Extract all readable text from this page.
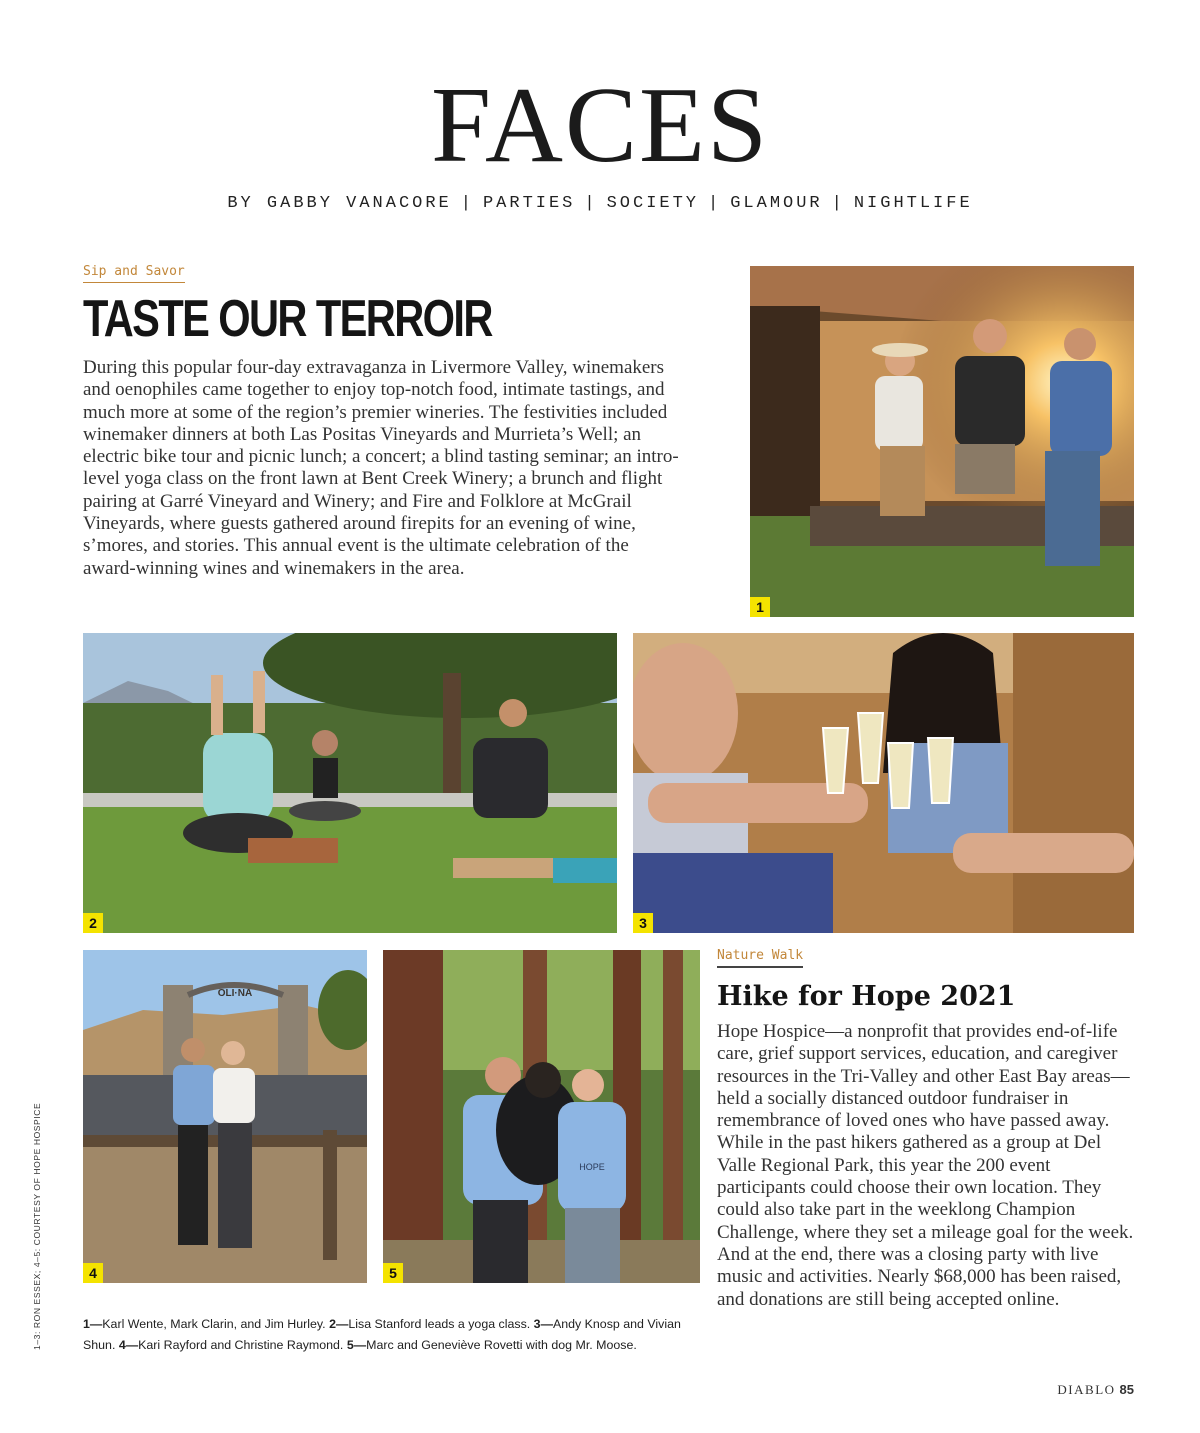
FACES
BY GABBY VANACORE | PARTIES | SOCIETY | GLAMOUR | NIGHTLIFE
Sip and Savor
TASTE OUR TERROIR
During this popular four-day extravaganza in Livermore Valley, winemakers and oenophiles came together to enjoy top-notch food, intimate tastings, and much more at some of the region’s premier wineries. The festivities included winemaker dinners at both Las Positas Vineyards and Murrieta’s Well; an electric bike tour and picnic lunch; a concert; a blind tasting seminar; an intro-level yoga class on the front lawn at Bent Creek Winery; a brunch and flight pairing at Garré Vineyard and Winery; and Fire and Folklore at McGrail Vineyards, where guests gathered around firepits for an evening of wine, s’mores, and stories. This annual event is the ultimate celebration of the award-winning wines and winemakers in the area.
1
2	3
OLI·NA
4
HOPE
5
Nature Walk
Hike for Hope 2021
Hope Hospice—a nonprofit that provides end-of-life care, grief support services, education, and caregiver resources in the Tri-Valley and other East Bay areas—held a socially distanced outdoor fundraiser in remembrance of loved ones who have passed away. While in the past hikers gathered as a group at Del Valle Regional Park, this year the 200 event participants could choose their own location. They could also take part in the weeklong Champion Challenge, where they set a mileage goal for the week. And at the end, there was a closing party with live music and activities. Nearly $68,000 has been raised, and donations are still being accepted online.
1—Karl Wente, Mark Clarin, and Jim Hurley. 2—Lisa Stanford leads a yoga class. 3—Andy Knosp and Vivian Shun. 4—Kari Rayford and Christine Raymond. 5—Marc and Geneviève Rovetti with dog Mr. Moose.
1–3: RON ESSEX; 4–5: COURTESY OF HOPE HOSPICE
DIABLO 85
